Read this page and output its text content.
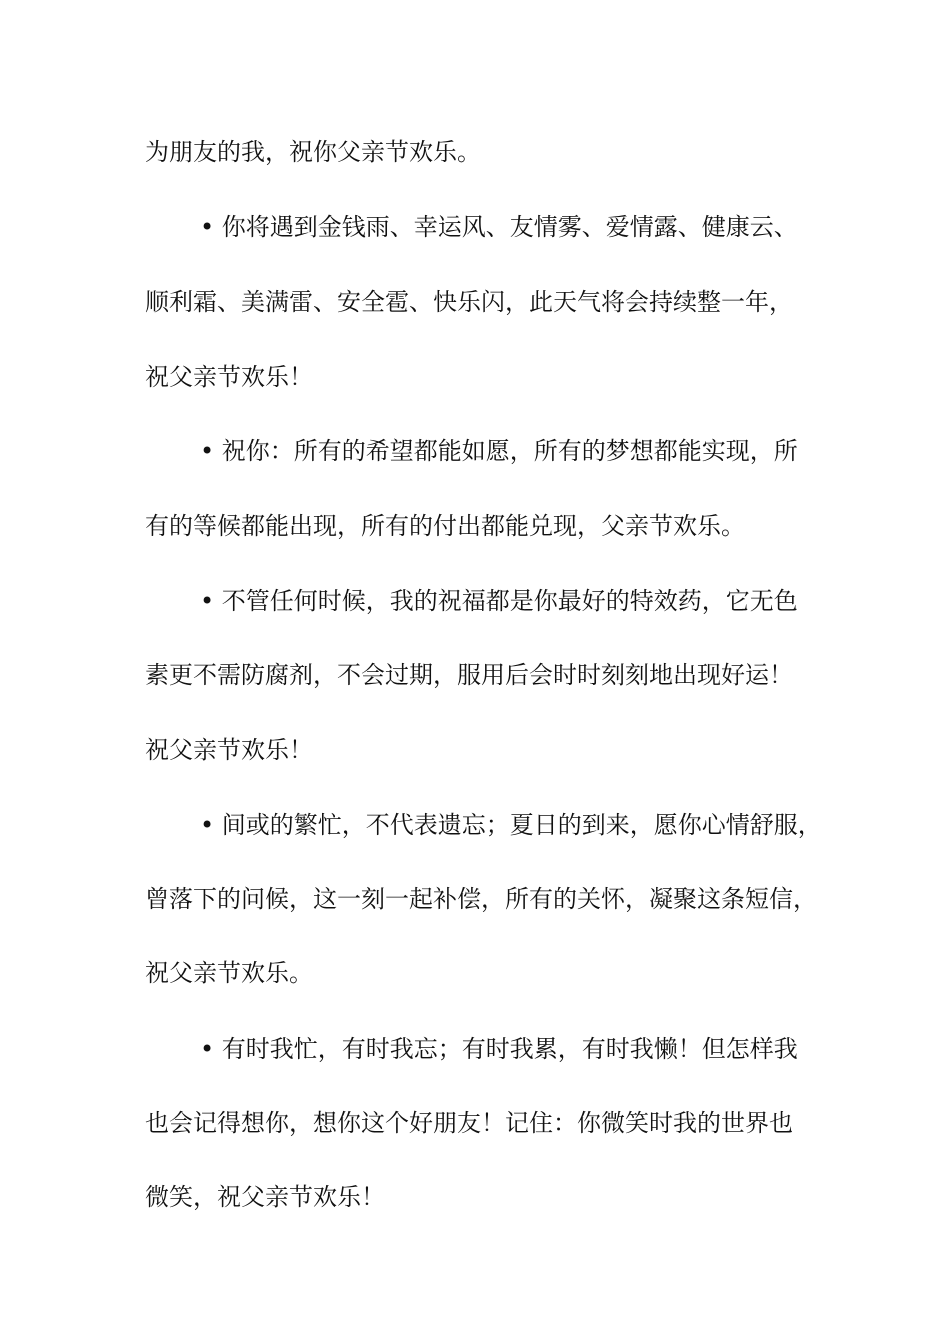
为朋友的我，祝你父亲节欢乐。
• 你将遇到金钱雨、幸运风、友情雾、爱情露、健康云、
顺利霜、美满雷、安全雹、快乐闪，此天气将会持续整一年，
祝父亲节欢乐！
• 祝你：所有的希望都能如愿，所有的梦想都能实现，所
有的等候都能出现，所有的付出都能兑现，父亲节欢乐。
• 不管任何时候，我的祝福都是你最好的特效药，它无色
素更不需防腐剂，不会过期，服用后会时时刻刻地出现好运！
祝父亲节欢乐！
• 间或的繁忙，不代表遗忘；夏日的到来，愿你心情舒服，
曾落下的问候，这一刻一起补偿，所有的关怀，凝聚这条短信，
祝父亲节欢乐。
• 有时我忙，有时我忘；有时我累，有时我懒！但怎样我
也会记得想你，想你这个好朋友！记住：你微笑时我的世界也
微笑，祝父亲节欢乐！
